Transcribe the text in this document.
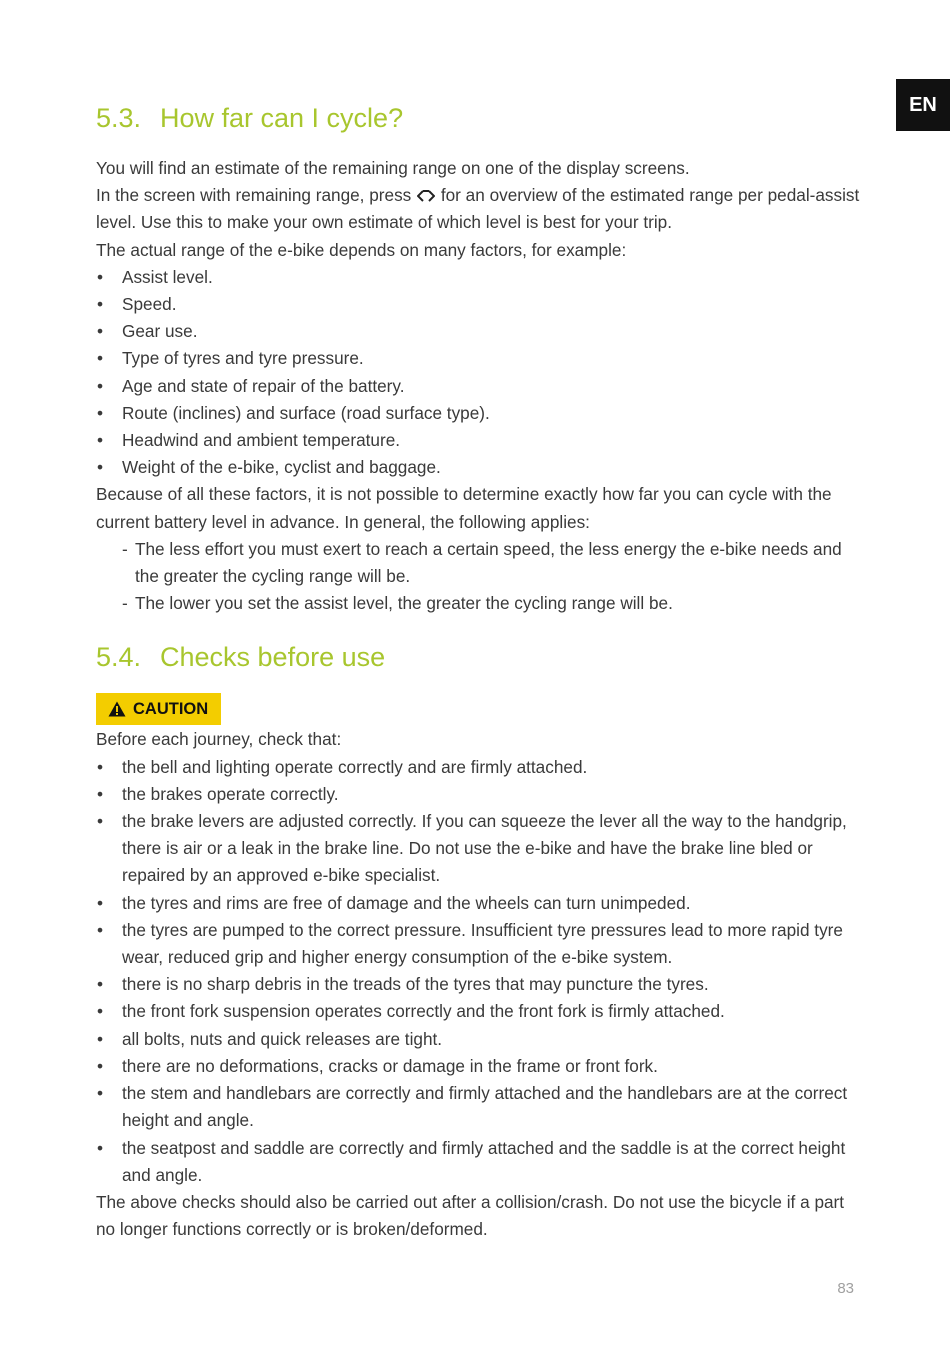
EN
5.3. How far can I cycle?

You will find an estimate of the remaining range on one of the display screens.

In the screen with remaining range, press for an overview of the estimated range per pedal-assist level. Use this to make your own estimate of which level is best for your trip.

The actual range of the e-bike depends on many factors, for example:

• Assist level.
• Speed.
• Gear use.
• Type of tyres and tyre pressure.
• Age and state of repair of the battery.
• Route (inclines) and surface (road surface type).
• Headwind and ambient temperature.
• Weight of the e-bike, cyclist and baggage.

Because of all these factors, it is not possible to determine exactly how far you can cycle with the current battery level in advance. In general, the following applies:

- The less effort you must exert to reach a certain speed, the less energy the e-bike needs and the greater the cycling range will be.
- The lower you set the assist level, the greater the cycling range will be.
5.4. Checks before use
CAUTION

Before each journey, check that:

• the bell and lighting operate correctly and are firmly attached.
• the brakes operate correctly.
• the brake levers are adjusted correctly. If you can squeeze the lever all the way to the handgrip, there is air or a leak in the brake line. Do not use the e-bike and have the brake line bled or repaired by an approved e-bike specialist.
• the tyres and rims are free of damage and the wheels can turn unimpeded.
• the tyres are pumped to the correct pressure. Insufficient tyre pressures lead to more rapid tyre wear, reduced grip and higher energy consumption of the e-bike system.
• there is no sharp debris in the treads of the tyres that may puncture the tyres.
• the front fork suspension operates correctly and the front fork is firmly attached.
• all bolts, nuts and quick releases are tight.
• there are no deformations, cracks or damage in the frame or front fork.
• the stem and handlebars are correctly and firmly attached and the handlebars are at the correct height and angle.
• the seatpost and saddle are correctly and firmly attached and the saddle is at the correct height and angle.

The above checks should also be carried out after a collision/crash. Do not use the bicycle if a part no longer functions correctly or is broken/deformed.

83
